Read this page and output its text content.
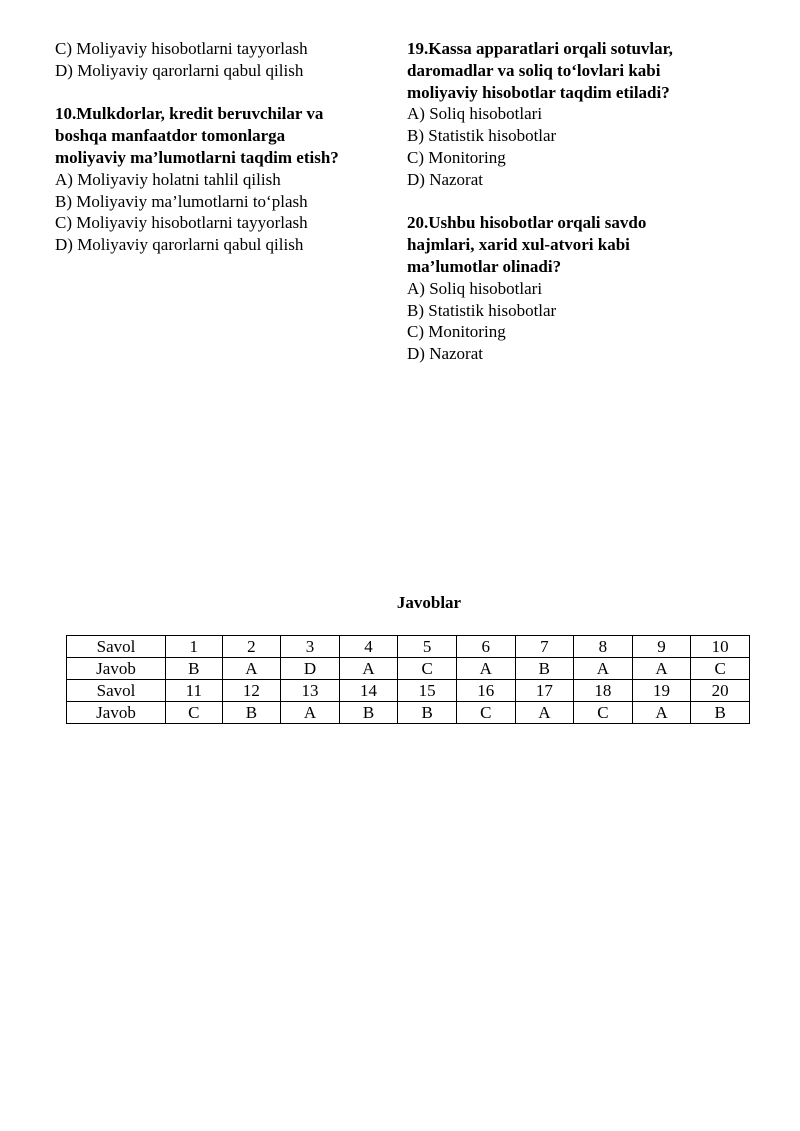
C) Moliyaviy hisobotlarni tayyorlash
D) Moliyaviy qarorlarni qabul qilish
10.Mulkdorlar, kredit beruvchilar va
boshqa manfaatdor tomonlarga
moliyaviy ma’lumotlarni taqdim etish?
A) Moliyaviy holatni tahlil qilish
B) Moliyaviy ma’lumotlarni to‘plash
C) Moliyaviy hisobotlarni tayyorlash
D) Moliyaviy qarorlarni qabul qilish
19.Kassa apparatlari orqali sotuvlar,
daromadlar va soliq to‘lovlari kabi
moliyaviy hisobotlar taqdim etiladi?
A) Soliq hisobotlari
B) Statistik hisobotlar
C) Monitoring
D) Nazorat
20.Ushbu hisobotlar orqali savdo
hajmlari, xarid xul-atvori kabi
ma’lumotlar olinadi?
A) Soliq hisobotlari
B) Statistik hisobotlar
C) Monitoring
D) Nazorat
Javoblar
Savol	1	2	3	4	5	6	7	8	9	10
Javob	B	A	D	A	C	A	B	A	A	C
Savol	11	12	13	14	15	16	17	18	19	20
Javob	C	B	A	B	B	C	A	C	A	B
